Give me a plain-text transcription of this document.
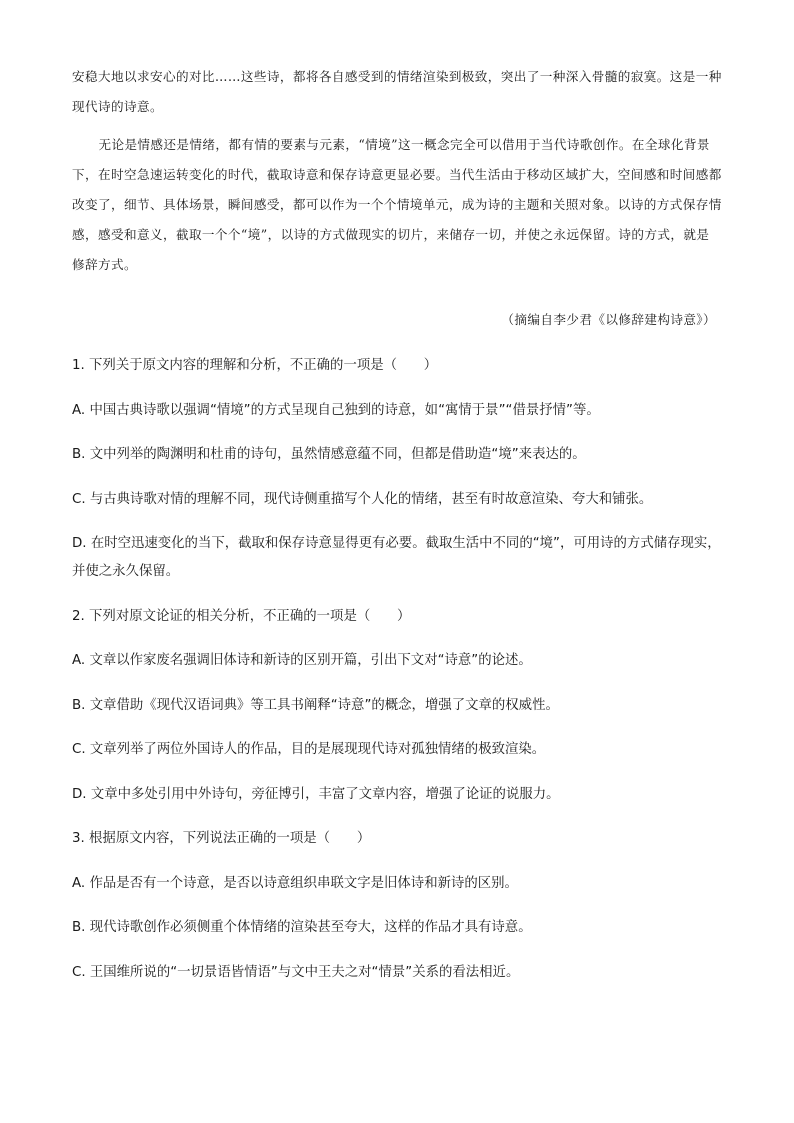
安稳大地以求安心的对比……这些诗，都将各自感受到的情绪渲染到极致，突出了一种深入骨髓的寂寞。这是一种现代诗的诗意。

无论是情感还是情绪，都有情的要素与元素，“情境”这一概念完全可以借用于当代诗歌创作。在全球化背景下，在时空急速运转变化的时代，截取诗意和保存诗意更显必要。当代生活由于移动区域扩大，空间感和时间感都改变了，细节、具体场景，瞬间感受，都可以作为一个个情境单元，成为诗的主题和关照对象。以诗的方式保存情感，感受和意义，截取一个个“境”，以诗的方式做现实的切片，来储存一切，并使之永远保留。诗的方式，就是修辞方式。

（摘编自李少君《以修辞建构诗意》）
1. 下列关于原文内容的理解和分析，不正确的一项是（　　）
A. 中国古典诗歌以强调“情境”的方式呈现自己独到的诗意，如“寓情于景”“借景抒情”等。
B. 文中列举的陶渊明和杜甫的诗句，虽然情感意蕴不同，但都是借助造“境”来表达的。
C. 与古典诗歌对情的理解不同，现代诗侧重描写个人化的情绪，甚至有时故意渲染、夸大和铺张。
D. 在时空迅速变化的当下，截取和保存诗意显得更有必要。截取生活中不同的“境”，可用诗的方式储存现实，并使之永久保留。
2. 下列对原文论证的相关分析，不正确的一项是（　　）
A. 文章以作家废名强调旧体诗和新诗的区别开篇，引出下文对“诗意”的论述。
B. 文章借助《现代汉语词典》等工具书阐释“诗意”的概念，增强了文章的权威性。
C. 文章列举了两位外国诗人的作品，目的是展现现代诗对孤独情绪的极致渲染。
D. 文章中多处引用中外诗句，旁征博引，丰富了文章内容，增强了论证的说服力。
3. 根据原文内容，下列说法正确的一项是（　　）
A. 作品是否有一个诗意，是否以诗意组织串联文字是旧体诗和新诗的区别。
B. 现代诗歌创作必须侧重个体情绪的渲染甚至夸大，这样的作品才具有诗意。
C. 王国维所说的“一切景语皆情语”与文中王夫之对“情景”关系的看法相近。
